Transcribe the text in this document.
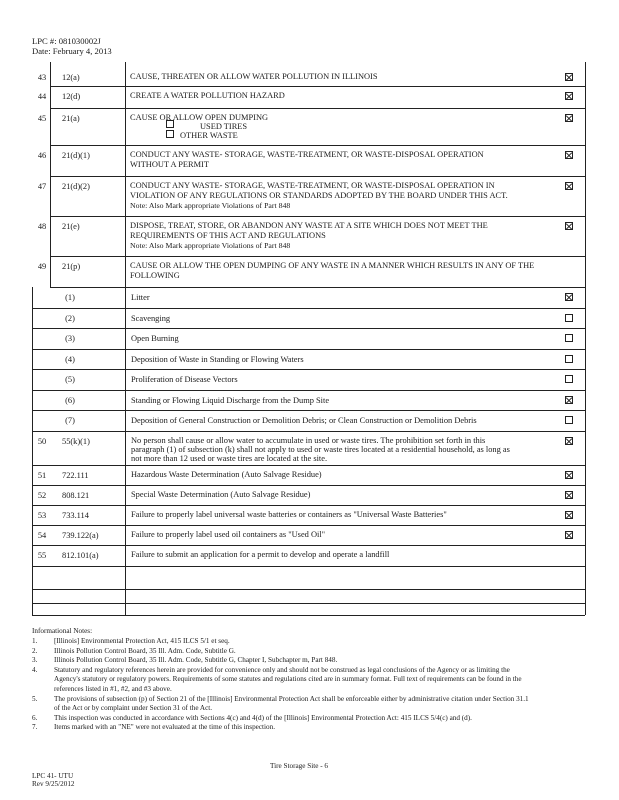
LPC #: 081030002J
Date: February 4, 2013
43	12(a)	CAUSE, THREATEN OR ALLOW WATER POLLUTION IN ILLINOIS
44	12(d)	CREATE A WATER POLLUTION HAZARD
45	21(a)	CAUSE OR ALLOW OPEN DUMPING
USED TIRES
OTHER WASTE
46	21(d)(1)	CONDUCT ANY WASTE- STORAGE, WASTE-TREATMENT, OR WASTE-DISPOSAL OPERATION
WITHOUT A PERMIT
47	21(d)(2)	CONDUCT ANY WASTE- STORAGE, WASTE-TREATMENT, OR WASTE-DISPOSAL OPERATION IN
VIOLATION OF ANY REGULATIONS OR STANDARDS ADOPTED BY THE BOARD UNDER THIS ACT.
Note: Also Mark appropriate Violations of Part 848
48	21(e)	DISPOSE, TREAT, STORE, OR ABANDON ANY WASTE AT A SITE WHICH DOES NOT MEET THE
REQUIREMENTS OF THIS ACT AND REGULATIONS
Note: Also Mark appropriate Violations of Part 848
49	21(p)	CAUSE OR ALLOW THE OPEN DUMPING OF ANY WASTE IN A MANNER WHICH RESULTS IN ANY OF THE
FOLLOWING
(1)	Litter
(2)	Scavenging
(3)	Open Burning
(4)	Deposition of Waste in Standing or Flowing Waters
(5)	Proliferation of Disease Vectors
(6)	Standing or Flowing Liquid Discharge from the Dump Site
(7)	Deposition of General Construction or Demolition Debris; or Clean Construction or Demolition Debris
50	55(k)(1)	No person shall cause or allow water to accumulate in used or waste tires. The prohibition set forth in this
paragraph (1) of subsection (k) shall not apply to used or waste tires located at a residential household, as long as
not more than 12 used or waste tires are located at the site.
51	722.111	Hazardous Waste Determination (Auto Salvage Residue)
52	808.121	Special Waste Determination (Auto Salvage Residue)
53	733.114	Failure to properly label universal waste batteries or containers as "Universal Waste Batteries"
54	739.122(a)	Failure to properly label used oil containers as "Used Oil"
55	812.101(a)	Failure to submit an application for a permit to develop and operate a landfill
Informational Notes:
1.	[Illinois] Environmental Protection Act, 415 ILCS 5/1 et seq.
2.	Illinois Pollution Control Board, 35 Ill. Adm. Code, Subtitle G.
3.	Illinois Pollution Control Board, 35 Ill. Adm. Code, Subtitle G, Chapter I, Subchapter m, Part 848.
4.	Statutory and regulatory references herein are provided for convenience only and should not be construed as legal conclusions of the Agency or as limiting the
Agency's statutory or regulatory powers. Requirements of some statutes and regulations cited are in summary format. Full text of requirements can be found in the
references listed in #1, #2, and #3 above.
5.	The provisions of subsection (p) of Section 21 of the [Illinois] Environmental Protection Act shall be enforceable either by administrative citation under Section 31.1
of the Act or by complaint under Section 31 of the Act.
6.	This inspection was conducted in accordance with Sections 4(c) and 4(d) of the [Illinois] Environmental Protection Act: 415 ILCS 5/4(c) and (d).
7.	Items marked with an "NE" were not evaluated at the time of this inspection.
LPC 41- UTU
Rev 9/25/2012
Tire Storage Site - 6
